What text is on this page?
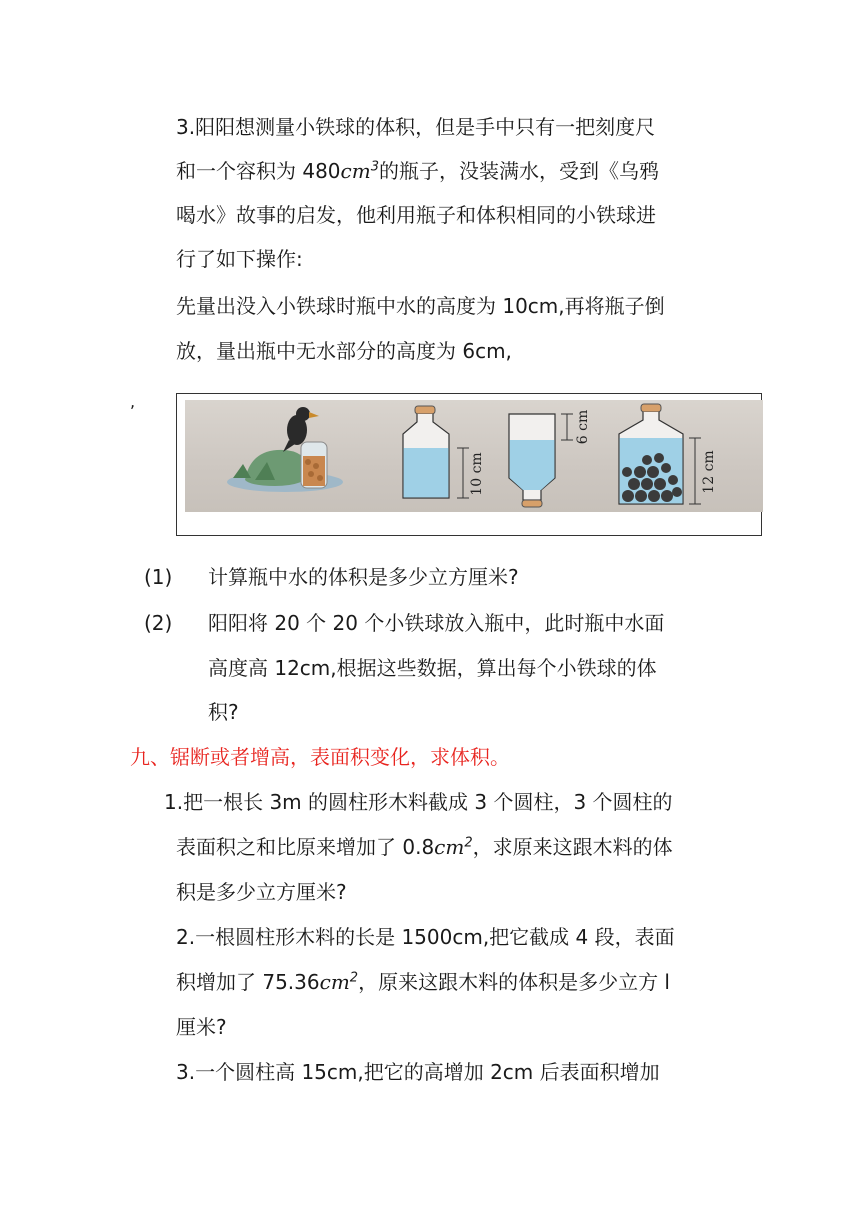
3.阳阳想测量小铁球的体积，但是手中只有一把刻度尺
和一个容积为 $480cm^3$的瓶子，没装满水，受到《乌鸦
喝水》故事的启发，他利用瓶子和体积相同的小铁球进
行了如下操作:
先量出没入小铁球时瓶中水的高度为 10cm,再将瓶子倒
放，量出瓶中无水部分的高度为 6cm,
,
10 cm
6 cm
12 cm
(1) 计算瓶中水的体积是多少立方厘米?
(2) 阳阳将 20 个 20 个小铁球放入瓶中，此时瓶中水面
高度高 12cm,根据这些数据，算出每个小铁球的体
积?
九、锯断或者增高，表面积变化，求体积。
1.把一根长 3m 的圆柱形木料截成 3 个圆柱，3 个圆柱的
表面积之和比原来增加了 $0.8cm^2$，求原来这跟木料的体
积是多少立方厘米?
2.一根圆柱形木料的长是 1500cm,把它截成 4 段，表面
积增加了 $75.36cm^2$，原来这跟木料的体积是多少立方 l
厘米?
3.一个圆柱高 15cm,把它的高增加 2cm 后表面积增加
